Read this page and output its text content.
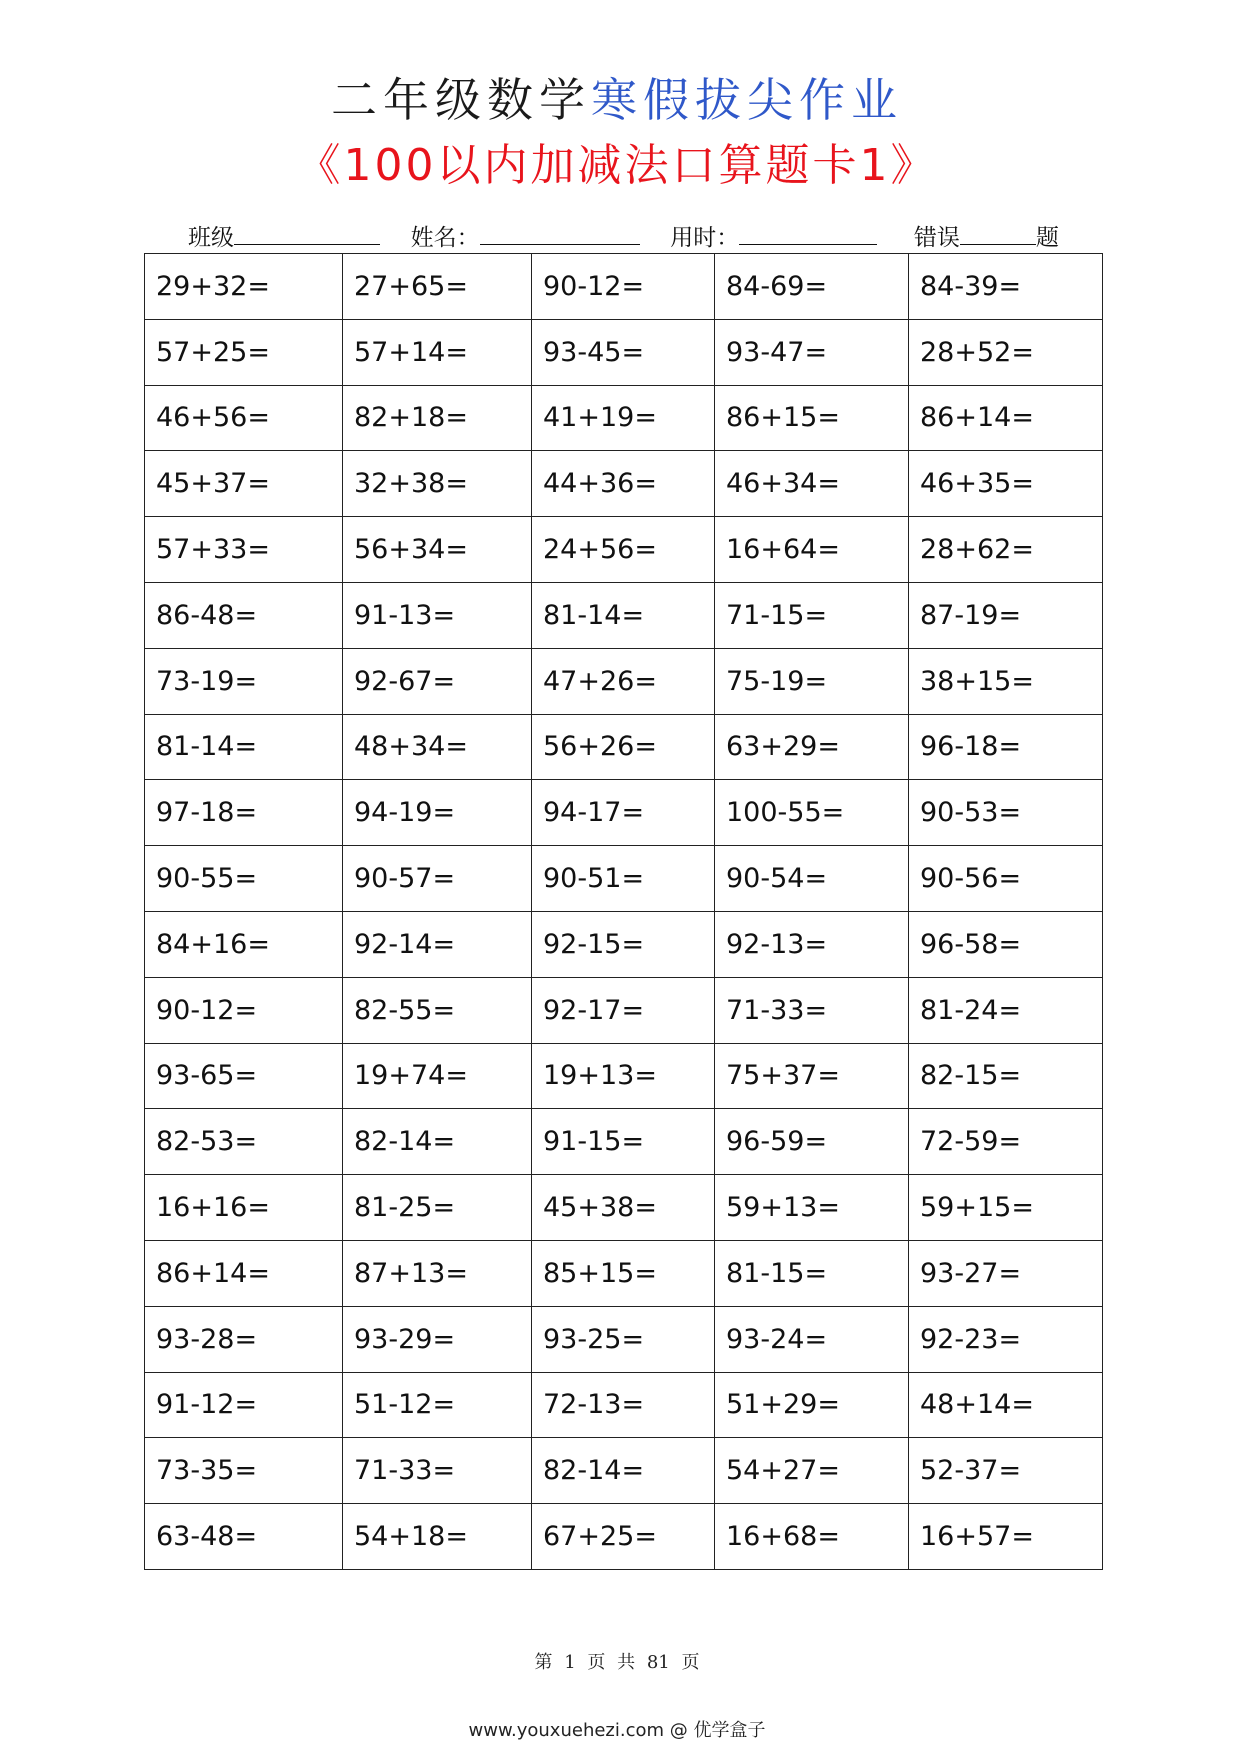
二年级数学寒假拔尖作业
《100以内加减法口算题卡1》
班级	姓名：	用时：	错误	题
29+32=	27+65=	90-12=	84-69=	84-39=
57+25=	57+14=	93-45=	93-47=	28+52=
46+56=	82+18=	41+19=	86+15=	86+14=
45+37=	32+38=	44+36=	46+34=	46+35=
57+33=	56+34=	24+56=	16+64=	28+62=
86-48=	91-13=	81-14=	71-15=	87-19=
73-19=	92-67=	47+26=	75-19=	38+15=
81-14=	48+34=	56+26=	63+29=	96-18=
97-18=	94-19=	94-17=	100-55=	90-53=
90-55=	90-57=	90-51=	90-54=	90-56=
84+16=	92-14=	92-15=	92-13=	96-58=
90-12=	82-55=	92-17=	71-33=	81-24=
93-65=	19+74=	19+13=	75+37=	82-15=
82-53=	82-14=	91-15=	96-59=	72-59=
16+16=	81-25=	45+38=	59+13=	59+15=
86+14=	87+13=	85+15=	81-15=	93-27=
93-28=	93-29=	93-25=	93-24=	92-23=
91-12=	51-12=	72-13=	51+29=	48+14=
73-35=	71-33=	82-14=	54+27=	52-37=
63-48=	54+18=	67+25=	16+68=	16+57=
第 1 页 共 81 页
www.youxuehezi.com @ 优学盒子
